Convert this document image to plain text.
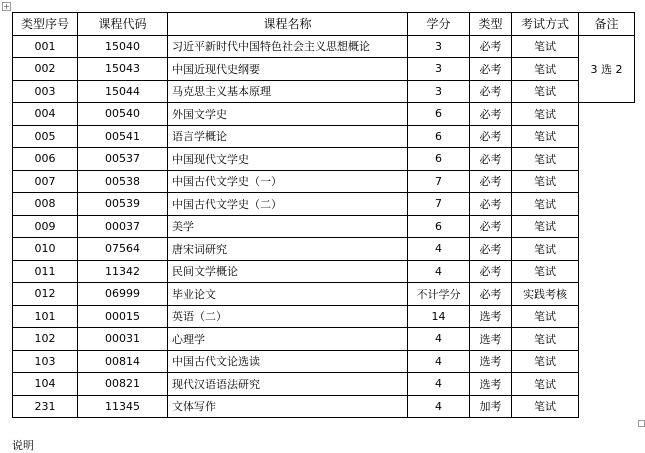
+
类型序号	课程代码	课程名称	学分	类型	考试方式	备注
001	15040	习近平新时代中国特色社会主义思想概论	3	必考	笔试	3 选 2
002	15043	中国近现代史纲要	3	必考	笔试	
003	15044	马克思主义基本原理	3	必考	笔试	
004	00540	外国文学史	6	必考	笔试	
005	00541	语言学概论	6	必考	笔试	
006	00537	中国现代文学史	6	必考	笔试	
007	00538	中国古代文学史（一）	7	必考	笔试	
008	00539	中国古代文学史（二）	7	必考	笔试	
009	00037	美学	6	必考	笔试	
010	07564	唐宋词研究	4	必考	笔试	
011	11342	民间文学概论	4	必考	笔试	
012	06999	毕业论文	不计学分	必考	实践考核	
101	00015	英语（二）	14	选考	笔试	
102	00031	心理学	4	选考	笔试	
103	00814	中国古代文论选读	4	选考	笔试	
104	00821	现代汉语语法研究	4	选考	笔试	
231	11345	文体写作	4	加考	笔试	
说明
